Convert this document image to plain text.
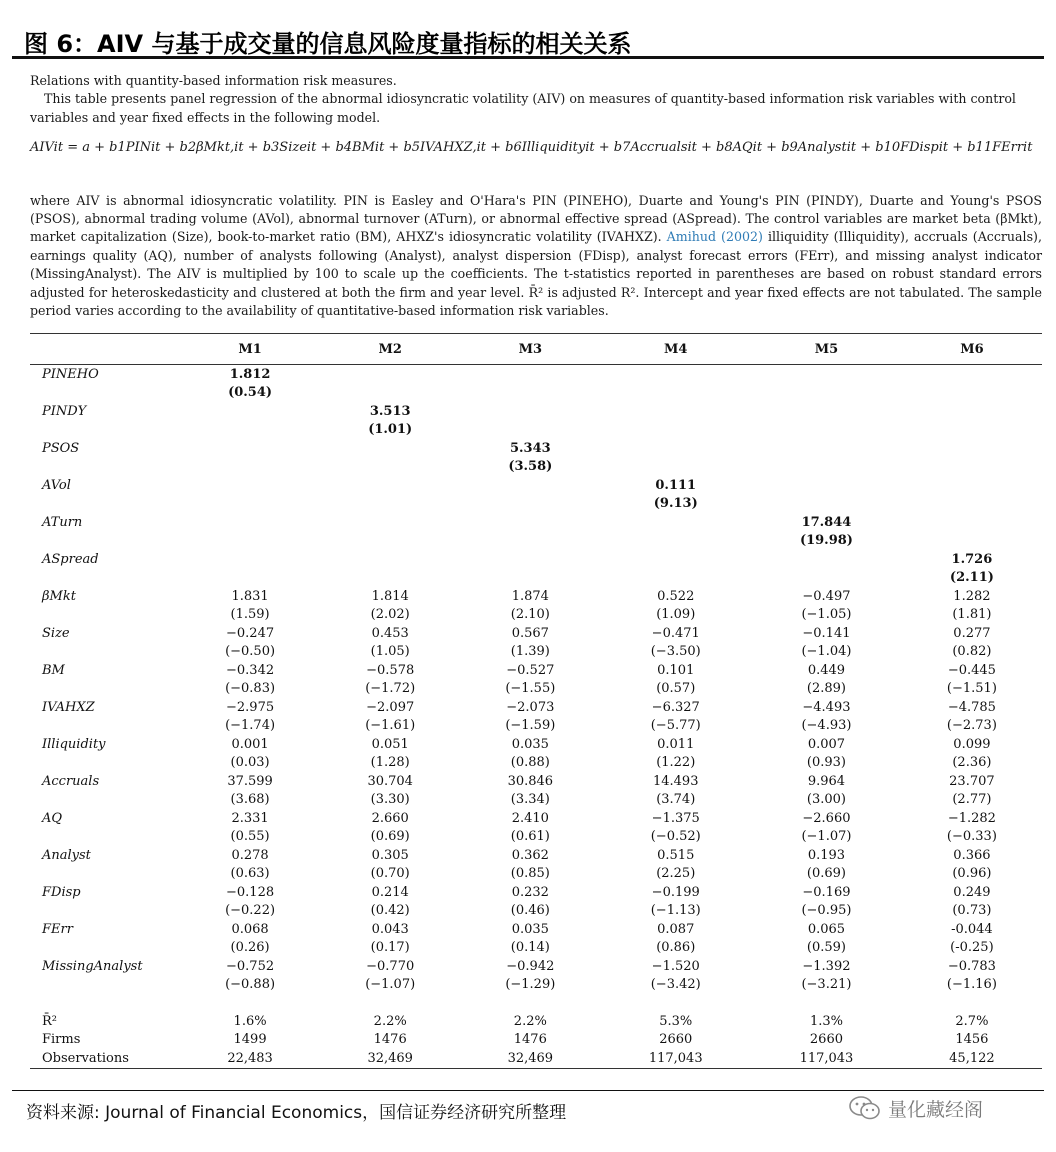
图 6：AIV 与基于成交量的信息风险度量指标的相关关系

Relations with quantity-based information risk measures.

This table presents panel regression of the abnormal idiosyncratic volatility (AIV) on measures of quantity-based information risk variables with control variables and year fixed effects in the following model.

AIVit = a + b1PINit + b2βMkt,it + b3Sizeit + b4BMit + b5IVAHXZ,it + b6Illiquidityit + b7Accrualsit + b8AQit + b9Analystit + b10FDispit + b11FErrit

where AIV is abnormal idiosyncratic volatility. PIN is Easley and O'Hara's PIN (PINEHO), Duarte and Young's PIN (PINDY), Duarte and Young's PSOS (PSOS), abnormal trading volume (AVol), abnormal turnover (ATurn), or abnormal effective spread (ASpread). The control variables are market beta (βMkt), market capitalization (Size), book-to-market ratio (BM), AHXZ's idiosyncratic volatility (IVAHXZ). Amihud (2002) illiquidity (Illiquidity), accruals (Accruals), earnings quality (AQ), number of analysts following (Analyst), analyst dispersion (FDisp), analyst forecast errors (FErr), and missing analyst indicator (MissingAnalyst). The AIV is multiplied by 100 to scale up the coefficients. The t-statistics reported in parentheses are based on robust standard errors adjusted for heteroskedasticity and clustered at both the firm and year level. R̄² is adjusted R². Intercept and year fixed effects are not tabulated. The sample period varies according to the availability of quantitative-based information risk variables.

	M1	M2	M3	M4	M5	M6
PINEHO	1.812					
	(0.54)					
PINDY		3.513				
		(1.01)				
PSOS			5.343			
			(3.58)			
AVol				0.111		
				(9.13)		
ATurn					17.844	
					(19.98)	
ASpread						1.726
						(2.11)
βMkt	1.831	1.814	1.874	0.522	−0.497	1.282
	(1.59)	(2.02)	(2.10)	(1.09)	(−1.05)	(1.81)
Size	−0.247	0.453	0.567	−0.471	−0.141	0.277
	(−0.50)	(1.05)	(1.39)	(−3.50)	(−1.04)	(0.82)
BM	−0.342	−0.578	−0.527	0.101	0.449	−0.445
	(−0.83)	(−1.72)	(−1.55)	(0.57)	(2.89)	(−1.51)
IVAHXZ	−2.975	−2.097	−2.073	−6.327	−4.493	−4.785
	(−1.74)	(−1.61)	(−1.59)	(−5.77)	(−4.93)	(−2.73)
Illiquidity	0.001	0.051	0.035	0.011	0.007	0.099
	(0.03)	(1.28)	(0.88)	(1.22)	(0.93)	(2.36)
Accruals	37.599	30.704	30.846	14.493	9.964	23.707
	(3.68)	(3.30)	(3.34)	(3.74)	(3.00)	(2.77)
AQ	2.331	2.660	2.410	−1.375	−2.660	−1.282
	(0.55)	(0.69)	(0.61)	(−0.52)	(−1.07)	(−0.33)
Analyst	0.278	0.305	0.362	0.515	0.193	0.366
	(0.63)	(0.70)	(0.85)	(2.25)	(0.69)	(0.96)
FDisp	−0.128	0.214	0.232	−0.199	−0.169	0.249
	(−0.22)	(0.42)	(0.46)	(−1.13)	(−0.95)	(0.73)
FErr	0.068	0.043	0.035	0.087	0.065	-0.044
	(0.26)	(0.17)	(0.14)	(0.86)	(0.59)	(-0.25)
MissingAnalyst	−0.752	−0.770	−0.942	−1.520	−1.392	−0.783
	(−0.88)	(−1.07)	(−1.29)	(−3.42)	(−3.21)	(−1.16)

R̄²	1.6%	2.2%	2.2%	5.3%	1.3%	2.7%
Firms	1499	1476	1476	2660	2660	1456
Observations	22,483	32,469	32,469	117,043	117,043	45,122
资料来源: Journal of Financial Economics，国信证券经济研究所整理	量化藏经阁
